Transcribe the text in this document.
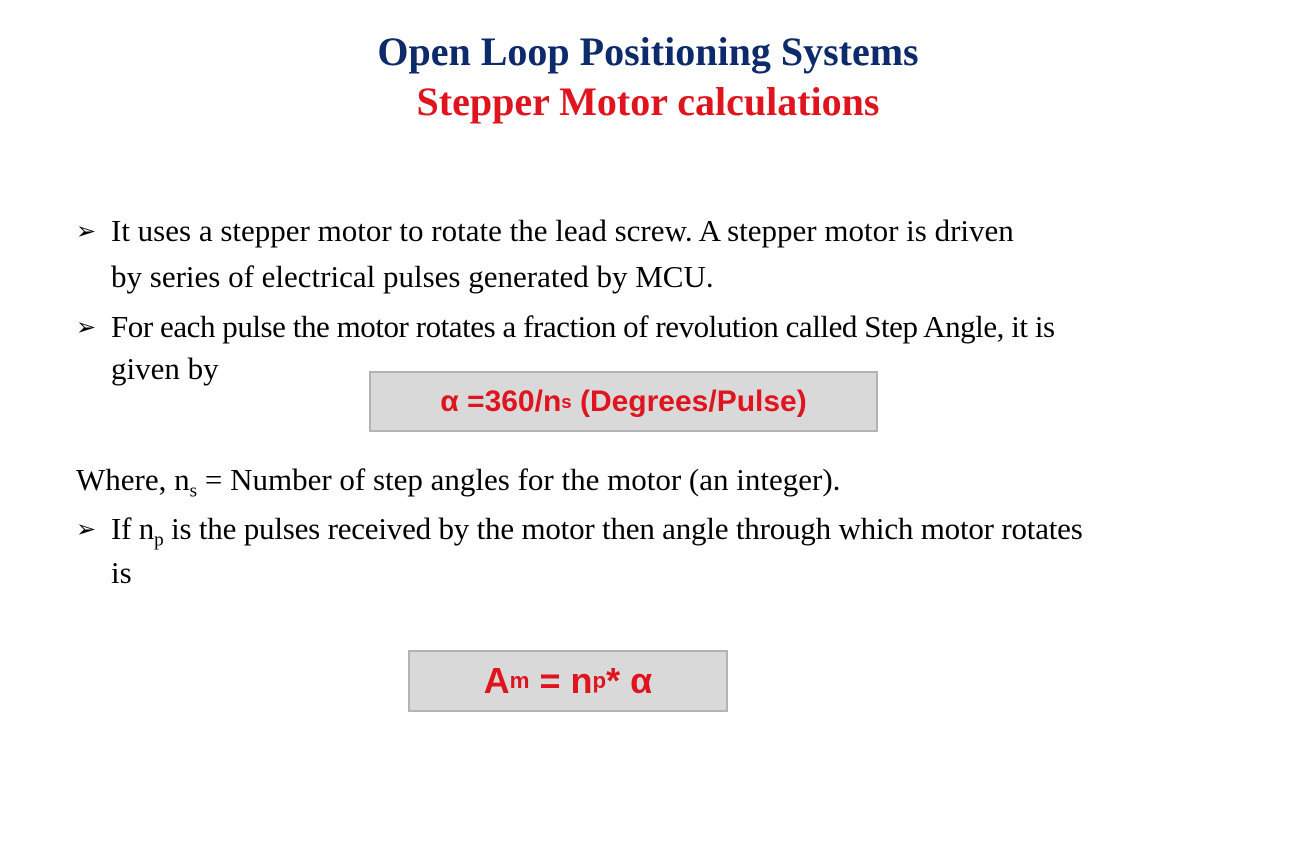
Open Loop Positioning Systems
Stepper Motor calculations
➢ It uses a stepper motor to rotate the lead screw. A stepper motor is driven
by series of electrical pulses generated by MCU.
➢ For each pulse the motor rotates a fraction of revolution called Step Angle, it is
given by
α =360/n s (Degrees/Pulse)
Where, $n_s$ = Number of step angles for the motor (an integer).
➢ If $n_p$ is the pulses received by the motor then angle through which motor rotates
is
A m = n p * α
